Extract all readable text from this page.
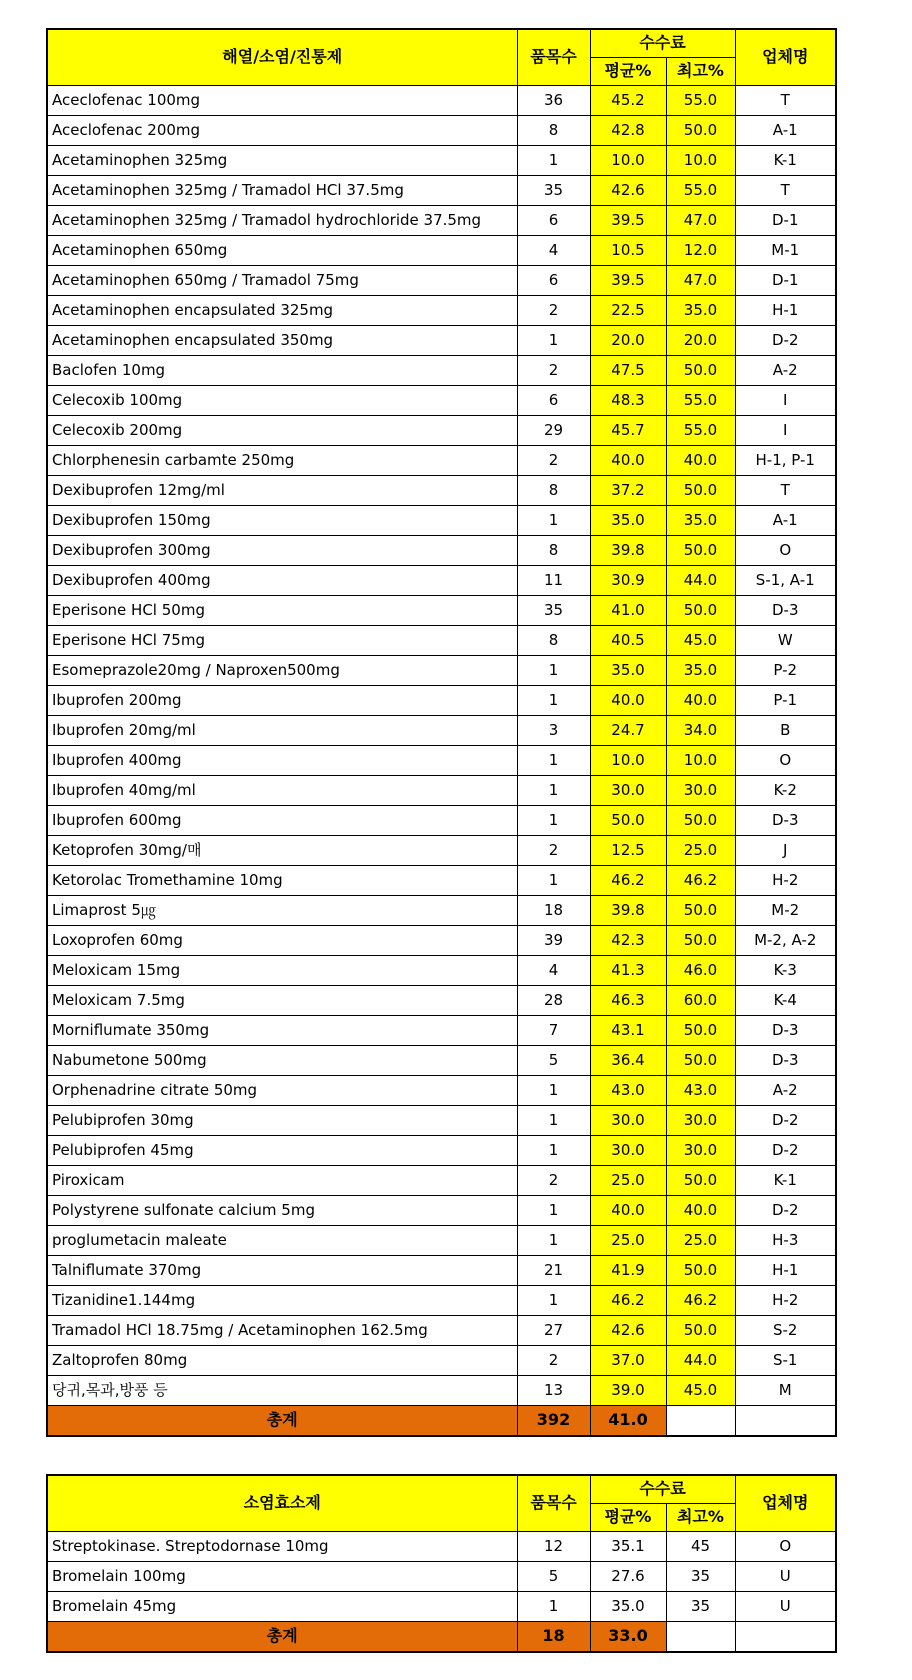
해열/소염/진통제	품목수	수수료		업체명
		평균%	최고%	
Aceclofenac 100mg	36	45.2	55.0	T
Aceclofenac 200mg	8	42.8	50.0	A-1
Acetaminophen 325mg	1	10.0	10.0	K-1
Acetaminophen 325mg / Tramadol HCl 37.5mg	35	42.6	55.0	T
Acetaminophen 325mg / Tramadol hydrochloride 37.5mg	6	39.5	47.0	D-1
Acetaminophen 650mg	4	10.5	12.0	M-1
Acetaminophen 650mg / Tramadol 75mg	6	39.5	47.0	D-1
Acetaminophen encapsulated 325mg	2	22.5	35.0	H-1
Acetaminophen encapsulated 350mg	1	20.0	20.0	D-2
Baclofen 10mg	2	47.5	50.0	A-2
Celecoxib 100mg	6	48.3	55.0	I
Celecoxib 200mg	29	45.7	55.0	I
Chlorphenesin carbamte 250mg	2	40.0	40.0	H-1, P-1
Dexibuprofen 12mg/ml	8	37.2	50.0	T
Dexibuprofen 150mg	1	35.0	35.0	A-1
Dexibuprofen 300mg	8	39.8	50.0	O
Dexibuprofen 400mg	11	30.9	44.0	S-1, A-1
Eperisone HCl 50mg	35	41.0	50.0	D-3
Eperisone HCl 75mg	8	40.5	45.0	W
Esomeprazole20mg / Naproxen500mg	1	35.0	35.0	P-2
Ibuprofen 200mg	1	40.0	40.0	P-1
Ibuprofen 20mg/ml	3	24.7	34.0	B
Ibuprofen 400mg	1	10.0	10.0	O
Ibuprofen 40mg/ml	1	30.0	30.0	K-2
Ibuprofen 600mg	1	50.0	50.0	D-3
Ketoprofen 30mg/매	2	12.5	25.0	J
Ketorolac Tromethamine 10mg	1	46.2	46.2	H-2
Limaprost 5㎍	18	39.8	50.0	M-2
Loxoprofen 60mg	39	42.3	50.0	M-2, A-2
Meloxicam 15mg	4	41.3	46.0	K-3
Meloxicam 7.5mg	28	46.3	60.0	K-4
Morniflumate 350mg	7	43.1	50.0	D-3
Nabumetone 500mg	5	36.4	50.0	D-3
Orphenadrine citrate 50mg	1	43.0	43.0	A-2
Pelubiprofen 30mg	1	30.0	30.0	D-2
Pelubiprofen 45mg	1	30.0	30.0	D-2
Piroxicam	2	25.0	50.0	K-1
Polystyrene sulfonate calcium 5mg	1	40.0	40.0	D-2
proglumetacin maleate	1	25.0	25.0	H-3
Talniflumate 370mg	21	41.9	50.0	H-1
Tizanidine1.144mg	1	46.2	46.2	H-2
Tramadol HCl 18.75mg / Acetaminophen 162.5mg	27	42.6	50.0	S-2
Zaltoprofen 80mg	2	37.0	44.0	S-1
당귀,목과,방풍 등	13	39.0	45.0	M
총계	392	41.0		
소염효소제	품목수	수수료		업체명
		평균%	최고%	
Streptokinase. Streptodornase 10mg	12	35.1	45	O
Bromelain 100mg	5	27.6	35	U
Bromelain 45mg	1	35.0	35	U
총계	18	33.0		
